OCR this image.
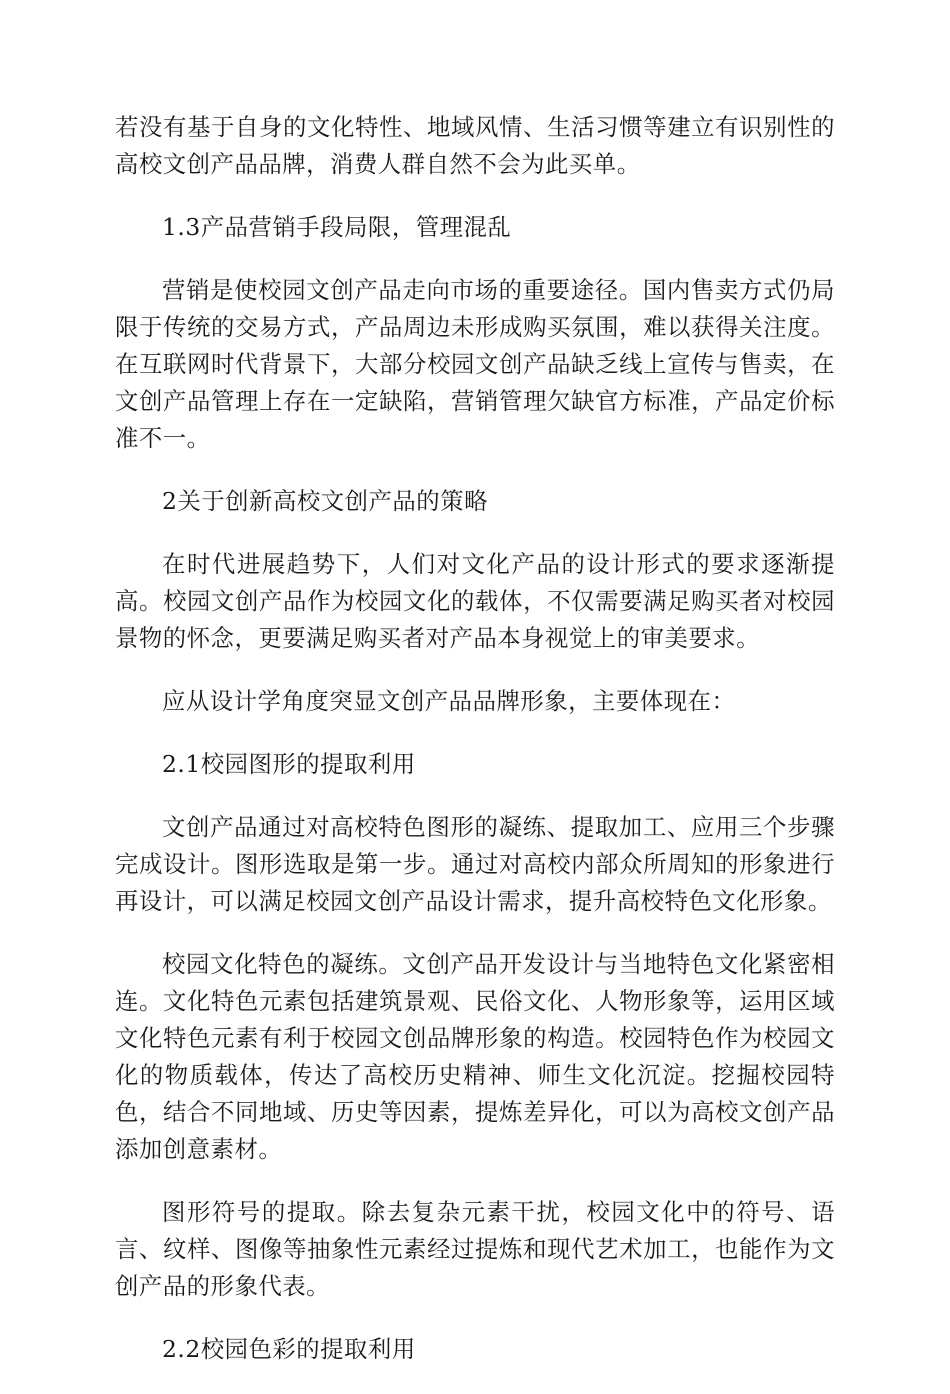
若没有基于自身的文化特性、地域风情、生活习惯等建立有识别性的高校文创产品品牌，消费人群自然不会为此买单。

1.3产品营销手段局限，管理混乱

营销是使校园文创产品走向市场的重要途径。国内售卖方式仍局限于传统的交易方式，产品周边未形成购买氛围，难以获得关注度。在互联网时代背景下，大部分校园文创产品缺乏线上宣传与售卖，在文创产品管理上存在一定缺陷，营销管理欠缺官方标准，产品定价标准不一。

2关于创新高校文创产品的策略

在时代进展趋势下，人们对文化产品的设计形式的要求逐渐提高。校园文创产品作为校园文化的载体，不仅需要满足购买者对校园景物的怀念，更要满足购买者对产品本身视觉上的审美要求。

应从设计学角度突显文创产品品牌形象，主要体现在：

2.1校园图形的提取利用

文创产品通过对高校特色图形的凝练、提取加工、应用三个步骤完成设计。图形选取是第一步。通过对高校内部众所周知的形象进行再设计，可以满足校园文创产品设计需求，提升高校特色文化形象。

校园文化特色的凝练。文创产品开发设计与当地特色文化紧密相连。文化特色元素包括建筑景观、民俗文化、人物形象等，运用区域文化特色元素有利于校园文创品牌形象的构造。校园特色作为校园文化的物质载体，传达了高校历史精神、师生文化沉淀。挖掘校园特色，结合不同地域、历史等因素，提炼差异化，可以为高校文创产品添加创意素材。

图形符号的提取。除去复杂元素干扰，校园文化中的符号、语言、纹样、图像等抽象性元素经过提炼和现代艺术加工，也能作为文创产品的形象代表。

2.2校园色彩的提取利用
